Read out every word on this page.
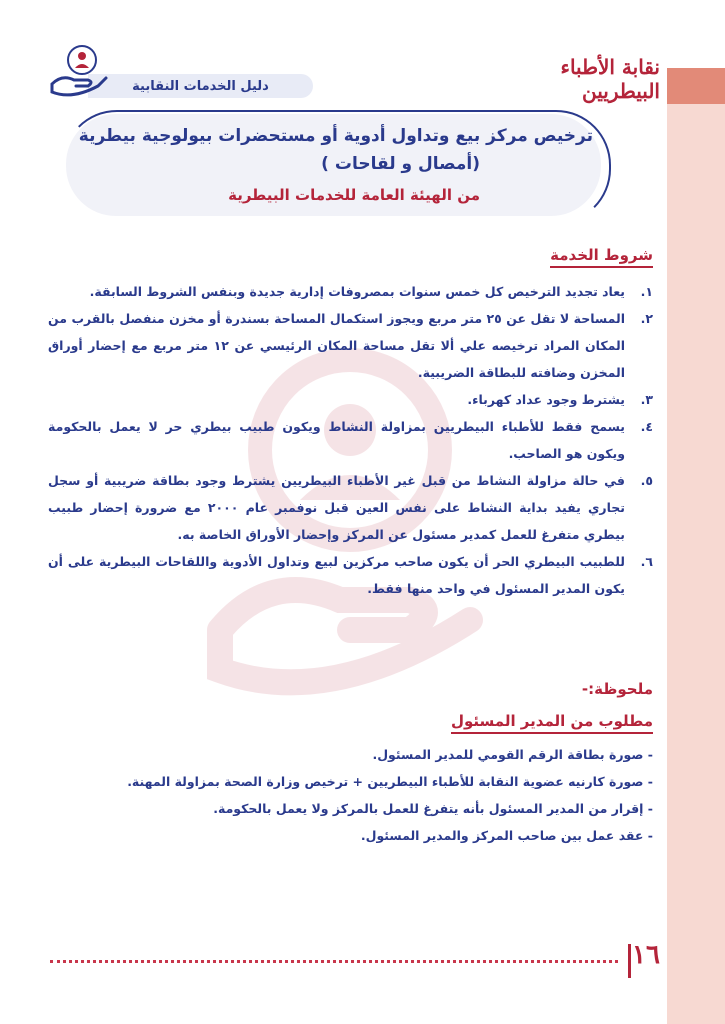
نقابة الأطباء البيطريين
دليل الخدمات النقابية
ترخيص مركز بيع وتداول أدوية أو مستحضرات بيولوجية بيطرية
(أمصال و لقاحات )
من الهيئة العامة للخدمات البيطرية
شروط الخدمة
١.
يعاد تجديد الترخيص كل خمس سنوات بمصروفات إدارية جديدة وبنفس الشروط السابقة.
٢.
المساحة لا تقل عن ٢٥ متر مربع ويجوز استكمال المساحة بسندرة أو مخزن منفصل بالقرب من المكان المراد ترخيصه علي ألا تقل مساحة المكان الرئيسي عن ١٢ متر مربع مع إحضار أوراق المخزن وضافته للبطاقة الضريبية.
٣.
يشترط وجود عداد كهرباء.
٤.
يسمح فقط للأطباء البيطريين بمزاولة النشاط ويكون طبيب بيطري حر لا يعمل بالحكومة ويكون هو الصاحب.
٥.
في حالة مزاولة النشاط من قبل غير الأطباء البيطريين يشترط وجود بطاقة ضريبية أو سجل تجاري يفيد بداية النشاط على نفس العين قبل نوفمبر عام ٢٠٠٠ مع ضرورة إحضار طبيب بيطري متفرغ للعمل كمدير مسئول عن المركز وإحضار الأوراق الخاصة به.
٦.
للطبيب البيطري الحر أن يكون صاحب مركزين لبيع وتداول الأدوية واللقاحات البيطرية على أن يكون المدير المسئول في واحد منها فقط.
ملحوظة:-
مطلوب من المدير المسئول
- صورة بطاقة الرقم القومي للمدير المسئول.
- صورة كارنيه عضوية النقابة للأطباء البيطريين + ترخيص وزارة الصحة بمزاولة المهنة.
- إقرار من المدير المسئول بأنه يتفرغ للعمل بالمركز ولا يعمل بالحكومة.
- عقد عمل بين صاحب المركز والمدير المسئول.
١٦
